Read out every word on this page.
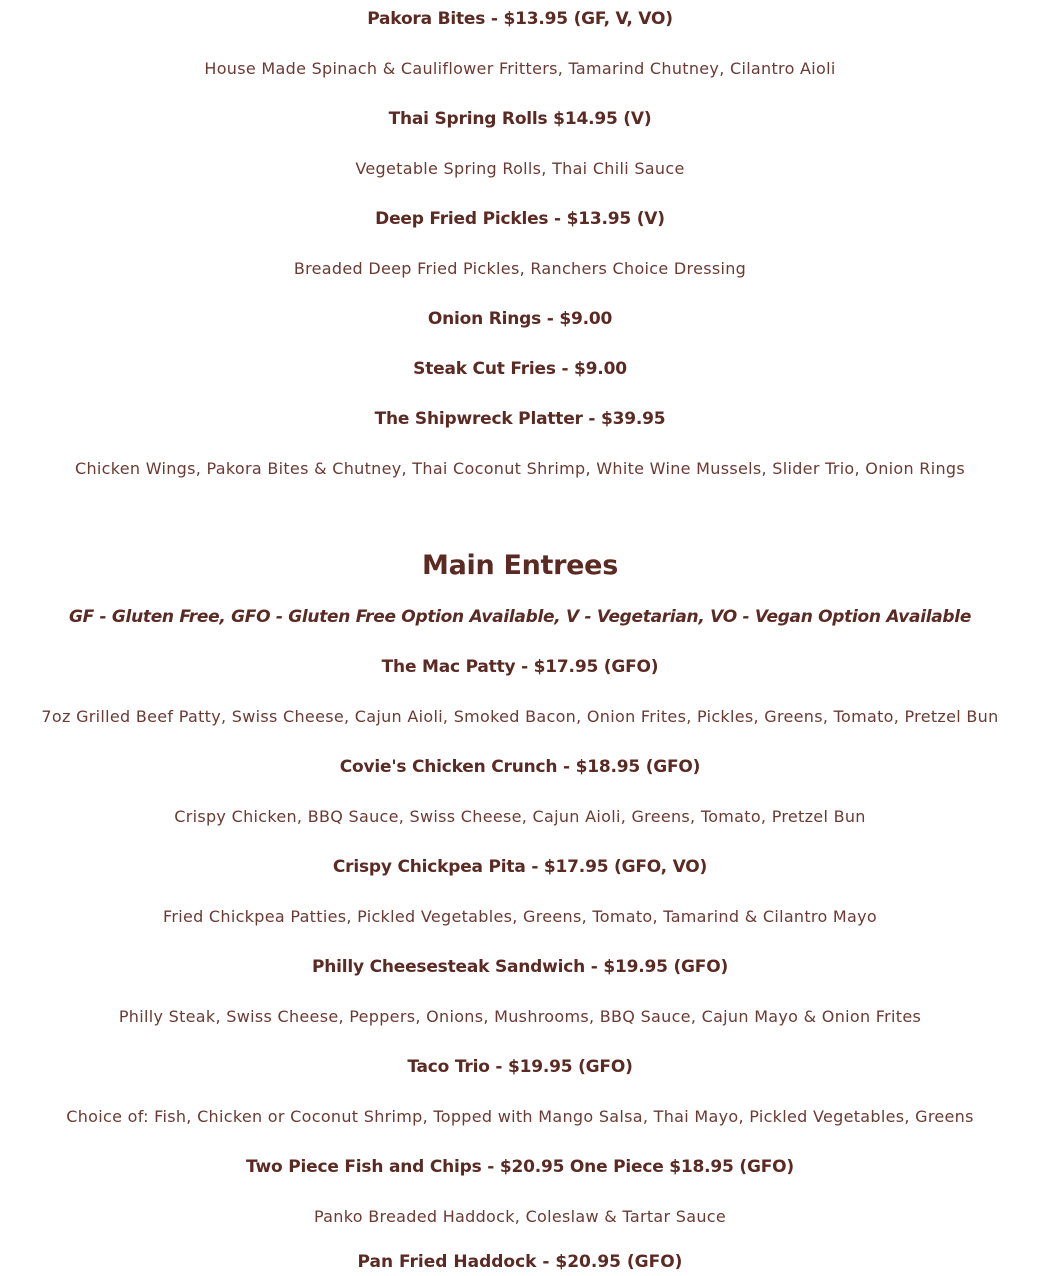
Pakora Bites - $13.95 (GF, V, VO)
House Made Spinach & Cauliflower Fritters, Tamarind Chutney, Cilantro Aioli
Thai Spring Rolls $14.95 (V)
Vegetable Spring Rolls, Thai Chili Sauce
Deep Fried Pickles - $13.95 (V)
Breaded Deep Fried Pickles, Ranchers Choice Dressing
Onion Rings - $9.00
Steak Cut Fries - $9.00
The Shipwreck Platter - $39.95
Chicken Wings, Pakora Bites & Chutney, Thai Coconut Shrimp, White Wine Mussels, Slider Trio, Onion Rings
Main Entrees
GF - Gluten Free, GFO - Gluten Free Option Available, V - Vegetarian, VO - Vegan Option Available
The Mac Patty - $17.95 (GFO)
7oz Grilled Beef Patty, Swiss Cheese, Cajun Aioli, Smoked Bacon, Onion Frites, Pickles, Greens, Tomato, Pretzel Bun
Covie's Chicken Crunch - $18.95 (GFO)
Crispy Chicken, BBQ Sauce, Swiss Cheese, Cajun Aioli, Greens, Tomato, Pretzel Bun
Crispy Chickpea Pita - $17.95 (GFO, VO)
Fried Chickpea Patties, Pickled Vegetables, Greens, Tomato, Tamarind & Cilantro Mayo
Philly Cheesesteak Sandwich - $19.95 (GFO)
Philly Steak, Swiss Cheese, Peppers, Onions, Mushrooms, BBQ Sauce, Cajun Mayo & Onion Frites
Taco Trio - $19.95 (GFO)
Choice of: Fish, Chicken or Coconut Shrimp, Topped with Mango Salsa, Thai Mayo, Pickled Vegetables, Greens
Two Piece Fish and Chips - $20.95 One Piece $18.95 (GFO)
Panko Breaded Haddock, Coleslaw & Tartar Sauce
Pan Fried Haddock - $20.95 (GFO)
